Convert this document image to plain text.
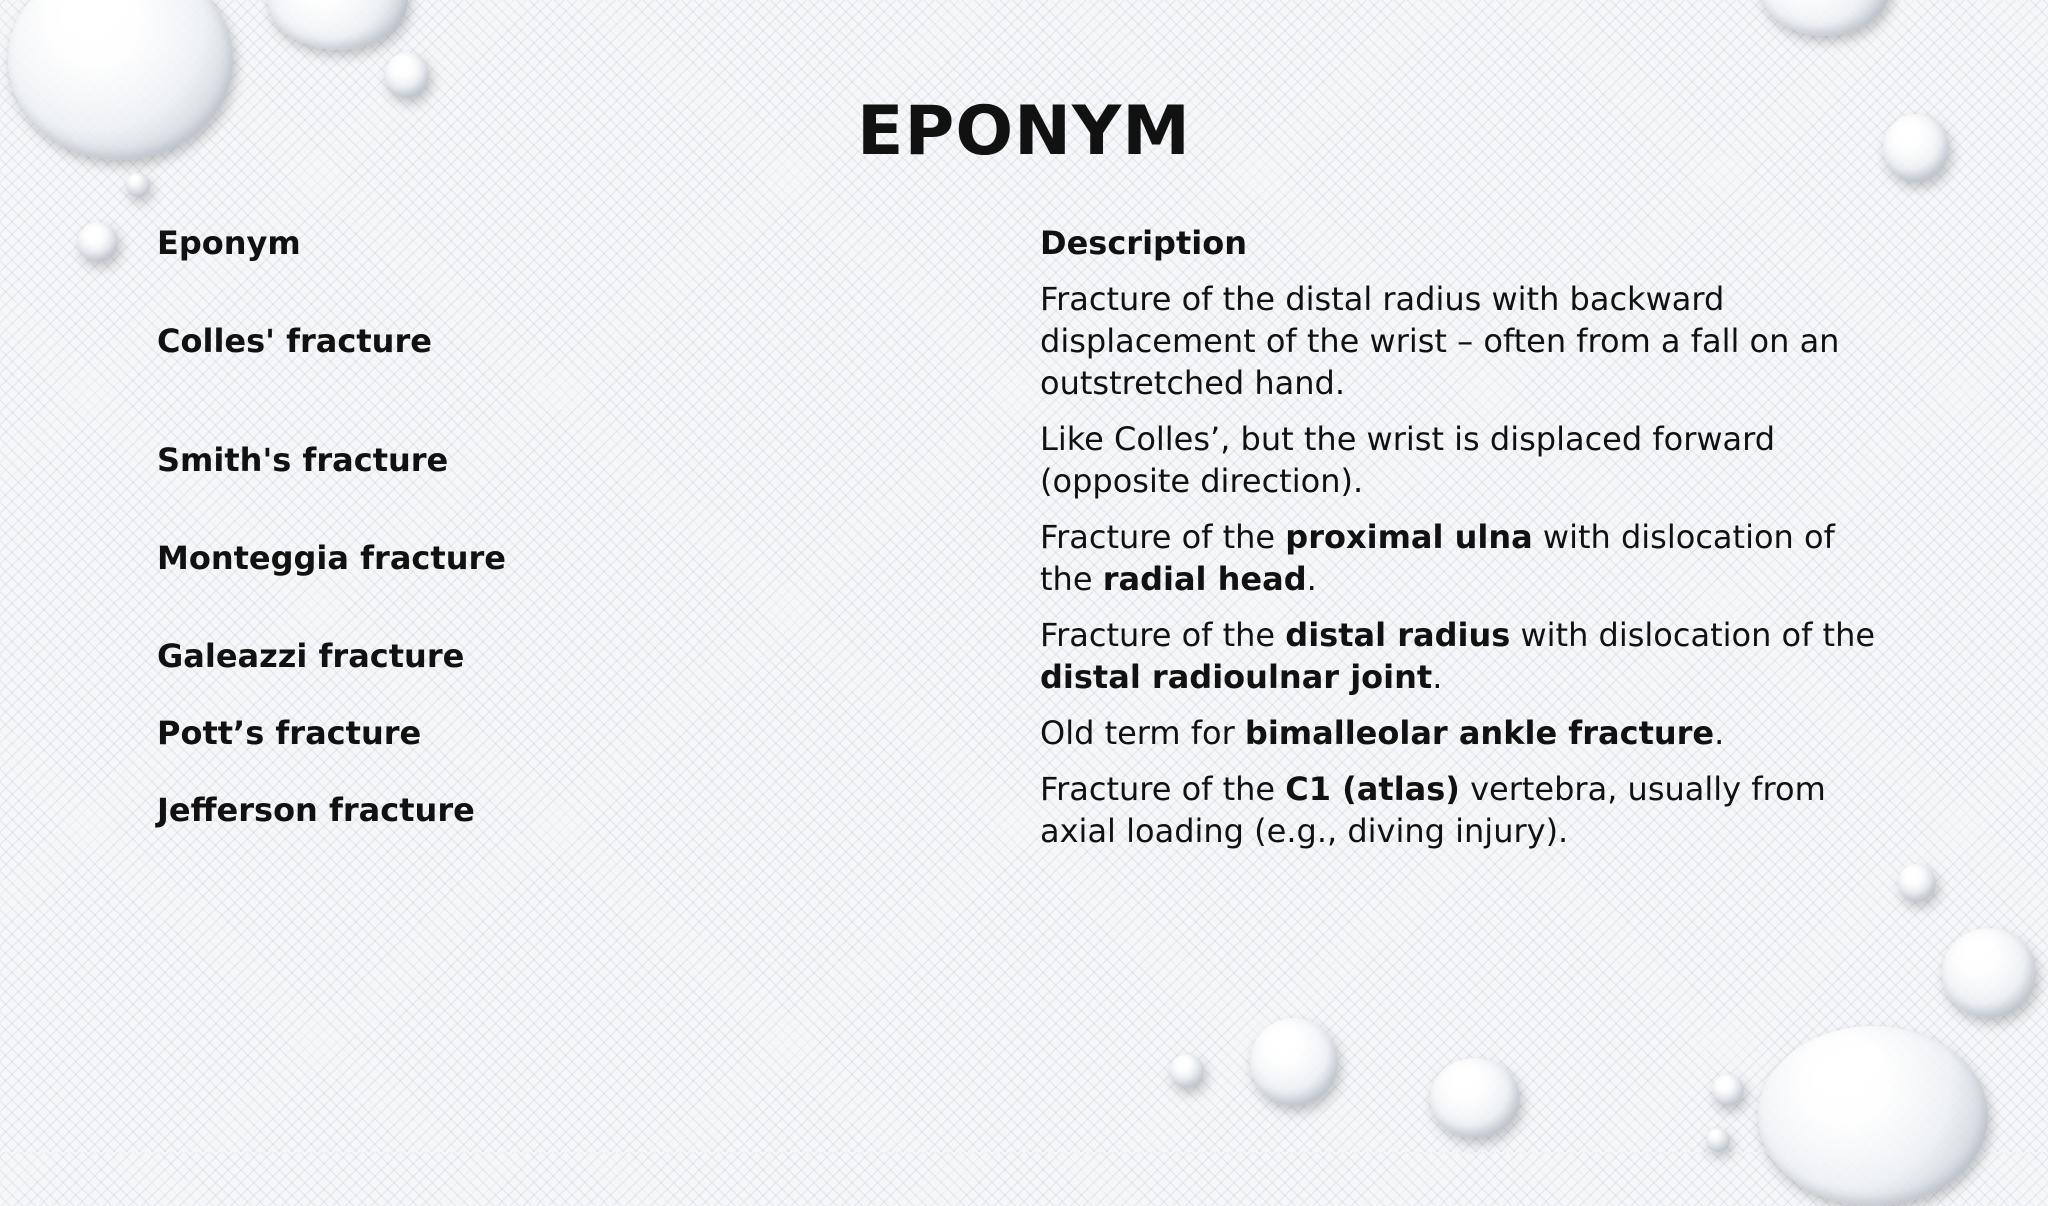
EPONYM
Eponym	Description
Colles' fracture
Fracture of the distal radius with backward displacement of the wrist – often from a fall on an outstretched hand.
Smith's fracture
Like Colles’, but the wrist is displaced forward (opposite direction).
Monteggia fracture
Fracture of the proximal ulna with dislocation of the radial head.
Galeazzi fracture
Fracture of the distal radius with dislocation of the distal radioulnar joint.
Pott’s fracture	Old term for bimalleolar ankle fracture.
Jefferson fracture
Fracture of the C1 (atlas) vertebra, usually from axial loading (e.g., diving injury).
